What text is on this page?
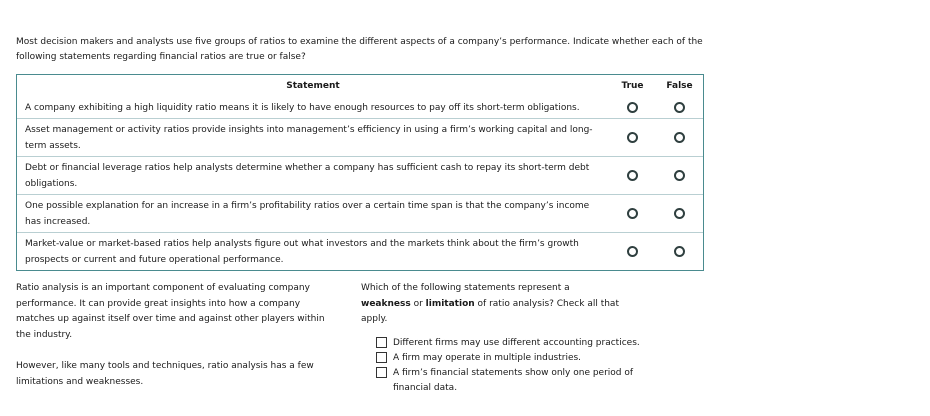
Most decision makers and analysts use five groups of ratios to examine the different aspects of a company’s performance. Indicate whether each of the following statements regarding financial ratios are true or false?
Statement	True	False
A company exhibiting a high liquidity ratio means it is likely to have enough resources to pay off its short-term obligations.		
Asset management or activity ratios provide insights into management’s efficiency in using a firm’s working capital and long-term assets.		
Debt or financial leverage ratios help analysts determine whether a company has sufficient cash to repay its short-term debt obligations.		
One possible explanation for an increase in a firm’s profitability ratios over a certain time span is that the company’s income has increased.		
Market-value or market-based ratios help analysts figure out what investors and the markets think about the firm’s growth prospects or current and future operational performance.		

Ratio analysis is an important component of evaluating company performance. It can provide great insights into how a company matches up against itself over time and against other players within the industry.

However, like many tools and techniques, ratio analysis has a few limitations and weaknesses.

Which of the following statements represent a
weakness or limitation of ratio analysis? Check all that apply.

Different firms may use different accounting practices.
A firm may operate in multiple industries.
A firm’s financial statements show only one period of financial data.
